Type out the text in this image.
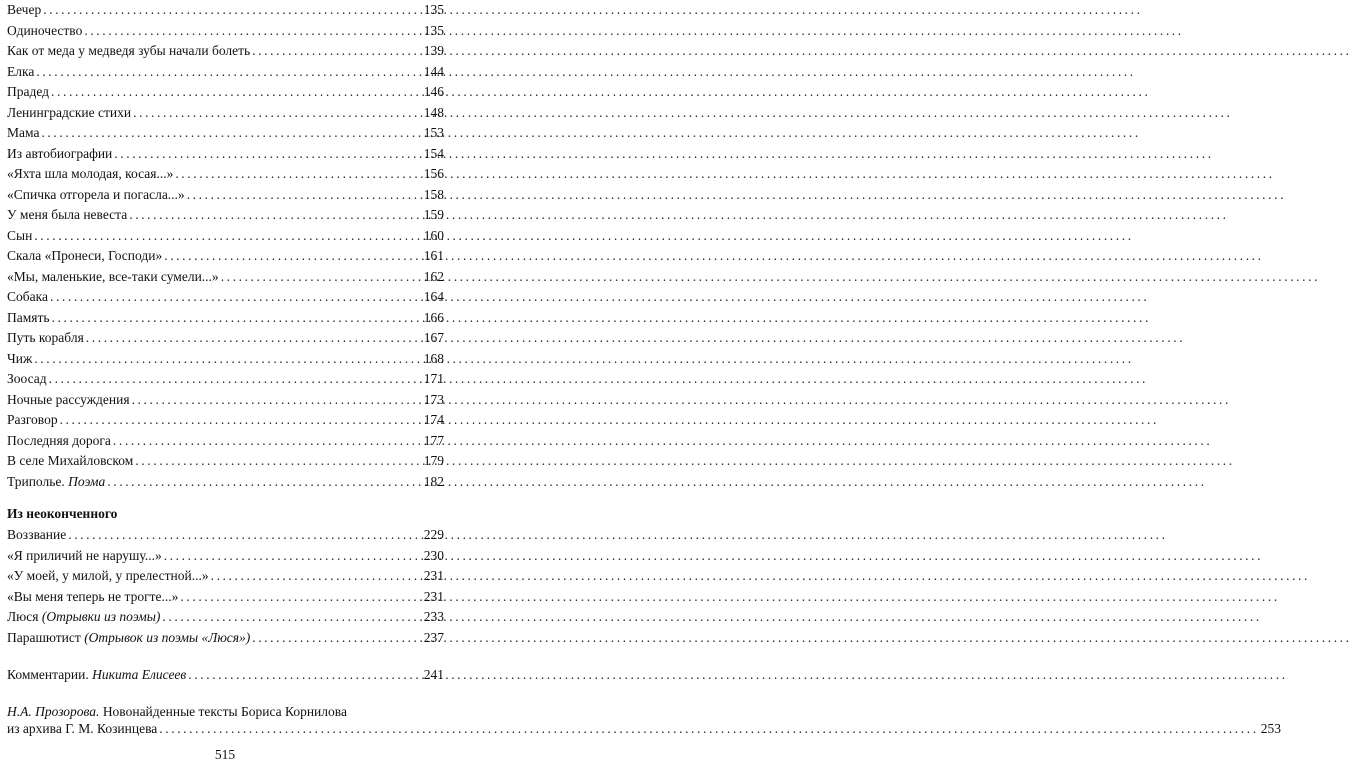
Вечер .....	135
Одиночество .....	135
Как от меда у медведя зубы начали болеть .....	139
Елка .....	144
Прадед .....	146
Ленинградские стихи .....	148
Мама .....	153
Из автобиографии .....	154
«Яхта шла молодая, косая...» .....	156
«Спичка отгорела и погасла...» .....	158
У меня была невеста .....	159
Сын .....	160
Скала «Пронеси, Господи» .....	161
«Мы, маленькие, все-таки сумели...» .....	162
Собака .....	164
Память .....	166
Путь корабля .....	167
Чиж .....	168
Зоосад .....	171
Ночные рассуждения .....	173
Разговор .....	174
Последняя дорога .....	177
В селе Михайловском .....	179
Триполье. Поэма .....	182
Из неоконченного
Воззвание .....	229
«Я приличий не нарушу...» .....	230
«У моей, у милой, у прелестной...» .....	231
«Вы меня теперь не трогте...» .....	231
Люся (Отрывки из поэмы) .....	233
Парашютист (Отрывок из поэмы «Люся») .....	237
Комментарии. Никита Елисеев .....	241
Н.А. Прозорова. Новонайденные тексты Бориса Корнилова
из архива Г. М. Козинцева .....	253
515
